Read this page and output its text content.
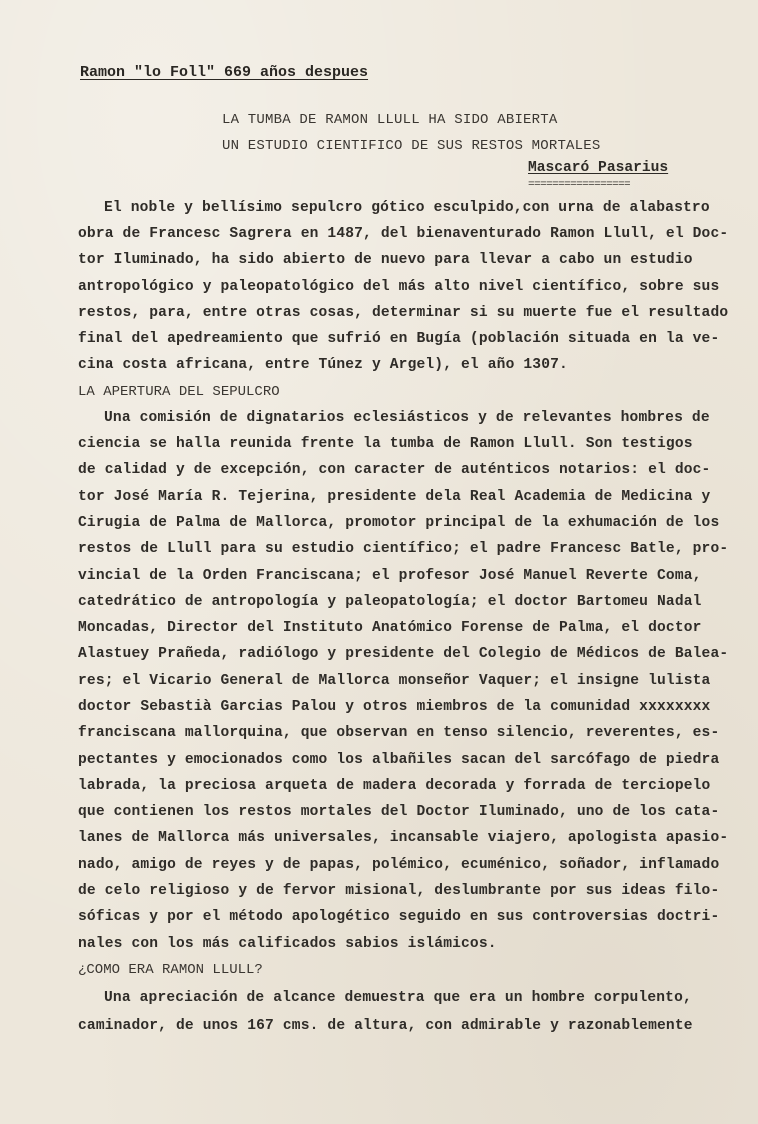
Ramon "lo Foll" 669 años despues
LA TUMBA DE RAMON LLULL HA SIDO ABIERTA
UN ESTUDIO CIENTIFICO DE SUS RESTOS MORTALES
Mascaró Pasarius
=================
El noble y bellísimo sepulcro gótico esculpido,con urna de alabastro
obra de Francesc Sagrera en 1487, del bienaventurado Ramon Llull, el Doc-
tor Iluminado, ha sido abierto de nuevo para llevar a cabo un estudio
antropológico y paleopatológico del más alto nivel científico, sobre sus
restos, para, entre otras cosas, determinar si su muerte fue el resultado
final del apedreamiento que sufrió en Bugía (población situada en la ve-
cina costa africana, entre Túnez y Argel), el año 1307.
LA APERTURA DEL SEPULCRO
Una comisión de dignatarios eclesiásticos y de relevantes hombres de
ciencia se halla reunida frente la tumba de Ramon Llull. Son testigos
de calidad y de excepción, con caracter de auténticos notarios: el doc-
tor José María R. Tejerina, presidente dela Real Academia de Medicina y
Cirugia de Palma de Mallorca, promotor principal de la exhumación de los
restos de Llull para su estudio científico; el padre Francesc Batle, pro-
vincial de la Orden Franciscana; el profesor José Manuel Reverte Coma,
catedrático de antropología y paleopatología; el doctor Bartomeu Nadal
Moncadas, Director del Instituto Anatómico Forense de Palma, el doctor
Alastuey Prañeda, radiólogo y presidente del Colegio de Médicos de Balea-
res; el Vicario General de Mallorca monseñor Vaquer; el insigne lulista
doctor Sebastià Garcias Palou y otros miembros de la comunidad xxxxxxxx
franciscana mallorquina, que observan en tenso silencio, reverentes, es-
pectantes y emocionados como los albañiles sacan del sarcófago de piedra
labrada, la preciosa arqueta de madera decorada y forrada de terciopelo
que contienen los restos mortales del Doctor Iluminado, uno de los cata-
lanes de Mallorca más universales, incansable viajero, apologista apasio-
nado, amigo de reyes y de papas, polémico, ecuménico, soñador, inflamado
de celo religioso y de fervor misional, deslumbrante por sus ideas filo-
sóficas y por el método apologético seguido en sus controversias doctri-
nales con los más calificados sabios islámicos.
¿COMO ERA RAMON LLULL?
Una apreciación de alcance demuestra que era un hombre corpulento,
caminador, de unos 167 cms. de altura, con admirable y razonablemente
